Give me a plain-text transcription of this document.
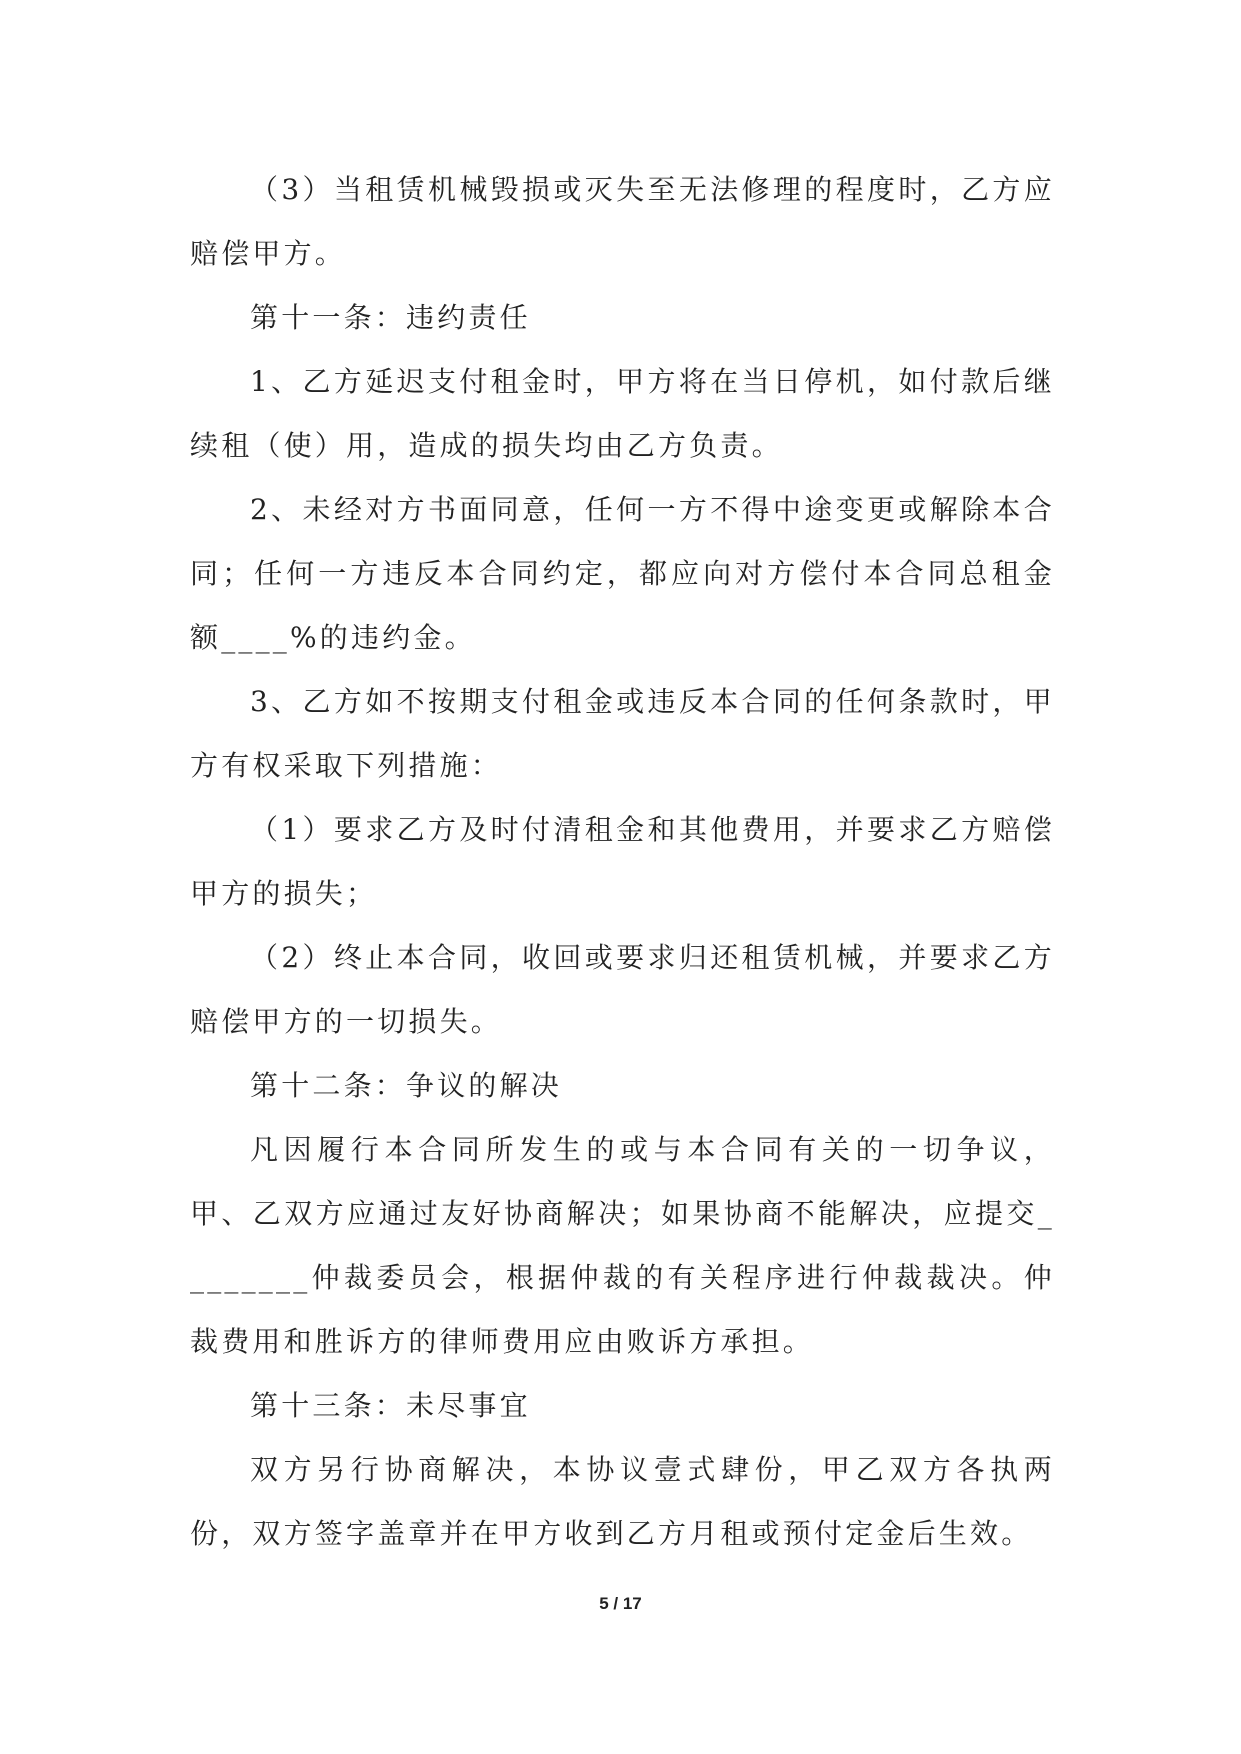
（3）当租赁机械毁损或灭失至无法修理的程度时，乙方应赔偿甲方。

第十一条：违约责任

1、乙方延迟支付租金时，甲方将在当日停机，如付款后继续租（使）用，造成的损失均由乙方负责。

2、未经对方书面同意，任何一方不得中途变更或解除本合同；任何一方违反本合同约定，都应向对方偿付本合同总租金额____%的违约金。

3、乙方如不按期支付租金或违反本合同的任何条款时，甲方有权采取下列措施：

（1）要求乙方及时付清租金和其他费用，并要求乙方赔偿甲方的损失；

（2）终止本合同，收回或要求归还租赁机械，并要求乙方赔偿甲方的一切损失。

第十二条：争议的解决

凡因履行本合同所发生的或与本合同有关的一切争议，甲、乙双方应通过友好协商解决；如果协商不能解决，应提交________仲裁委员会，根据仲裁的有关程序进行仲裁裁决。仲裁费用和胜诉方的律师费用应由败诉方承担。

第十三条：未尽事宜

双方另行协商解决，本协议壹式肆份，甲乙双方各执两份，双方签字盖章并在甲方收到乙方月租或预付定金后生效。

5 / 17
